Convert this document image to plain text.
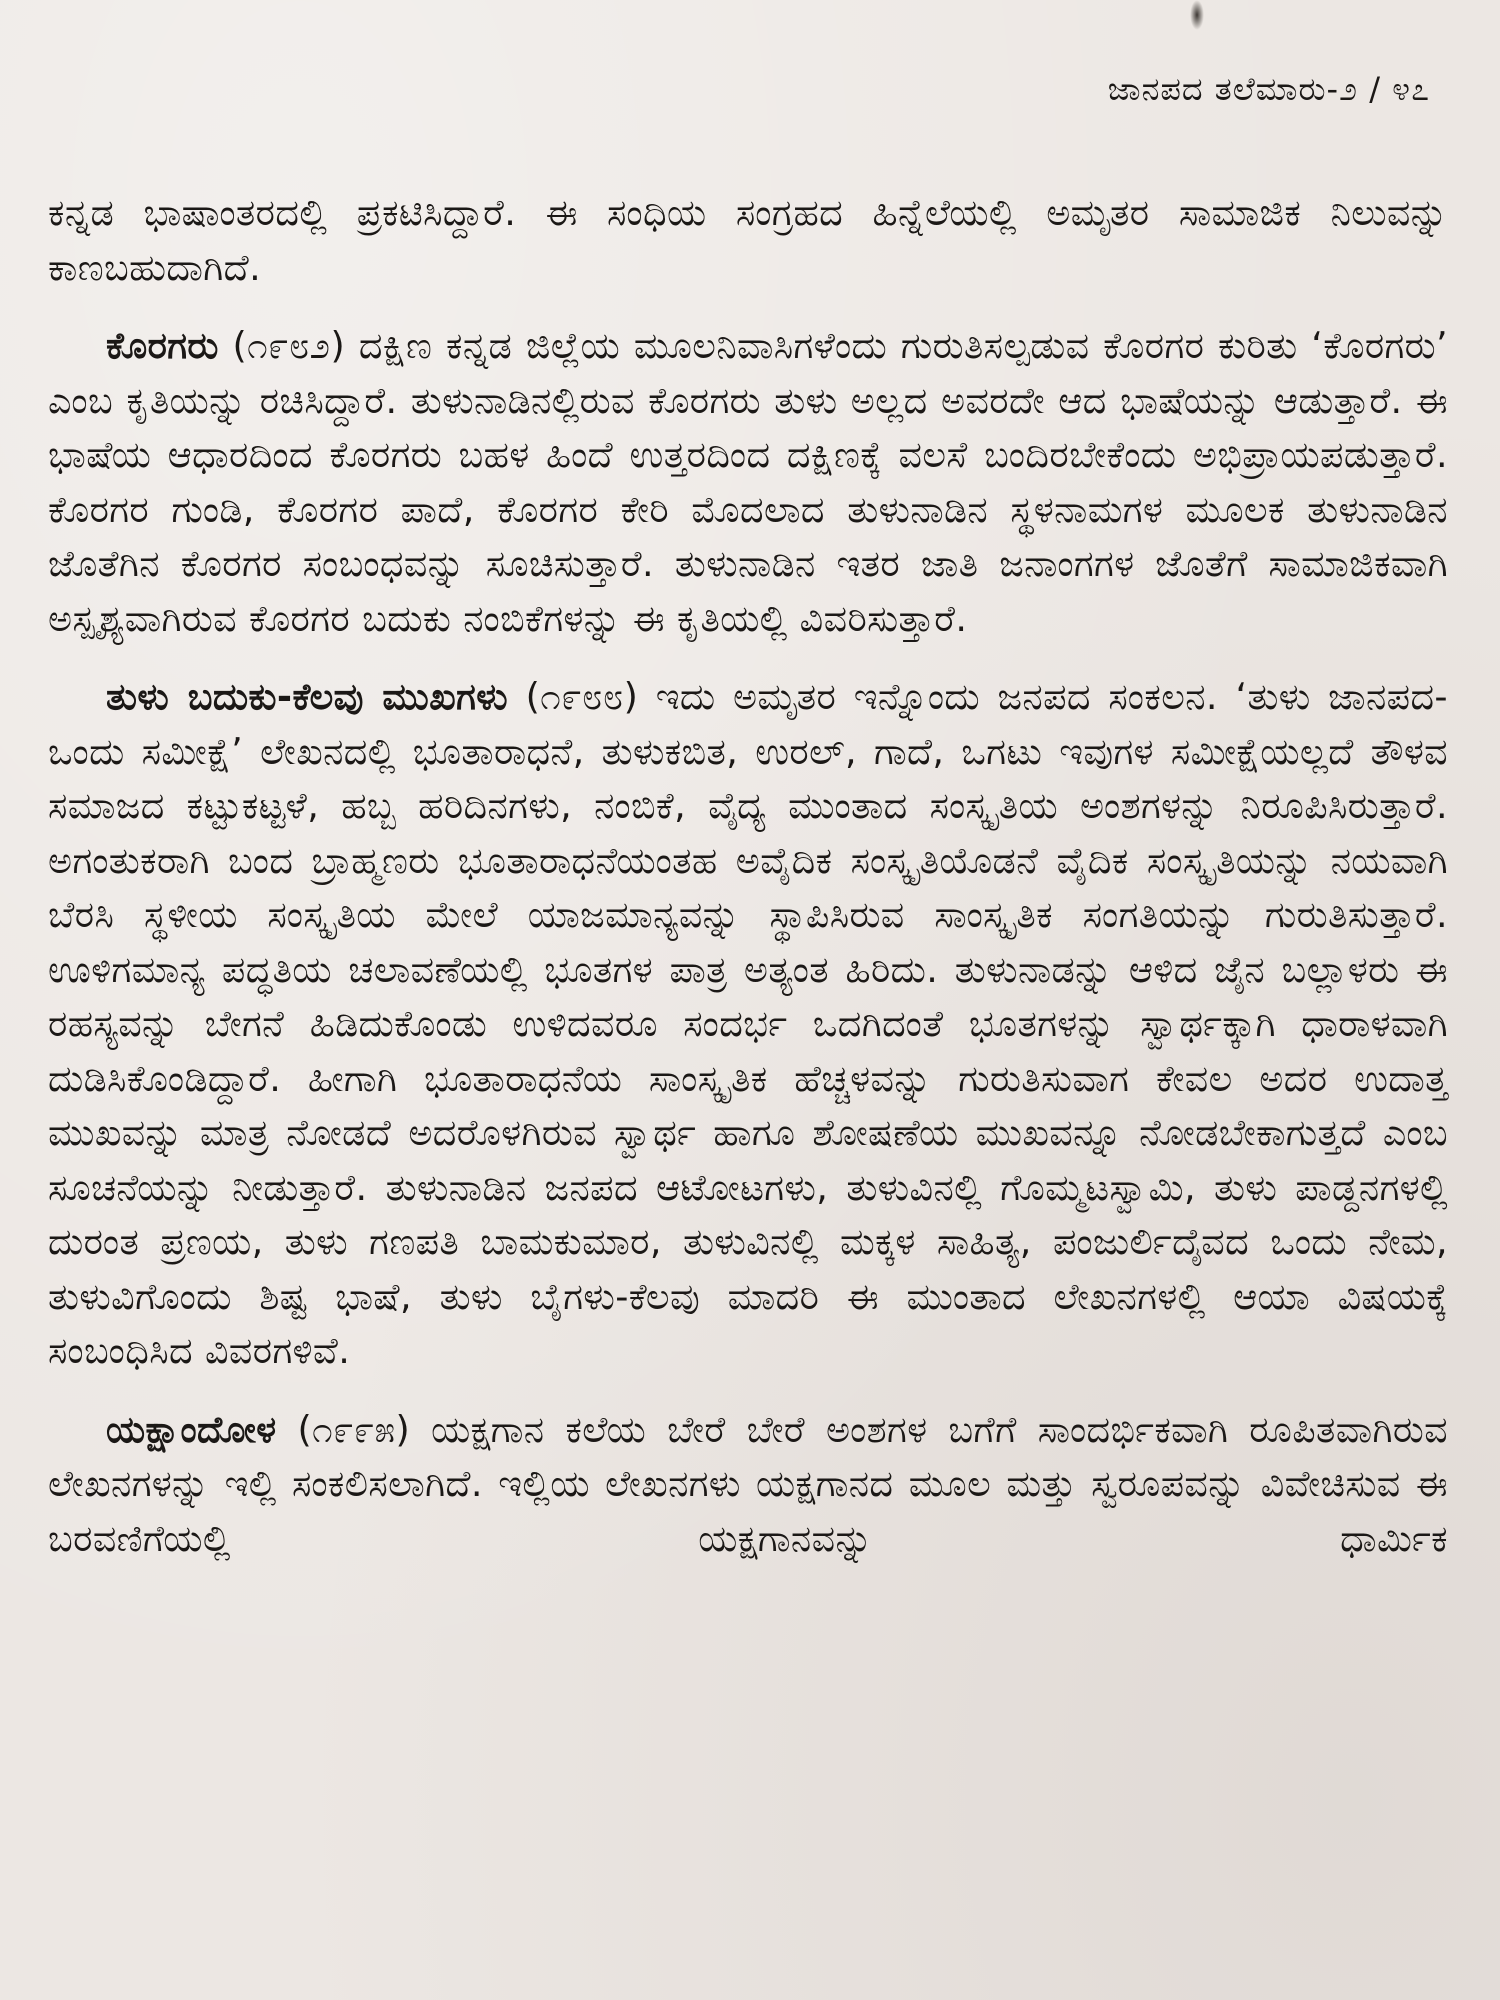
ಜಾನಪದ ತಲೆಮಾರು-೨ / ೪೭

ಕನ್ನಡ ಭಾಷಾಂತರದಲ್ಲಿ ಪ್ರಕಟಿಸಿದ್ದಾರೆ. ಈ ಸಂಧಿಯ ಸಂಗ್ರಹದ ಹಿನ್ನೆಲೆಯಲ್ಲಿ ಅಮೃತರ ಸಾಮಾಜಿಕ ನಿಲುವನ್ನು ಕಾಣಬಹುದಾಗಿದೆ.

ಕೊರಗರು (೧೯೮೨) ದಕ್ಷಿಣ ಕನ್ನಡ ಜಿಲ್ಲೆಯ ಮೂಲನಿವಾಸಿಗಳೆಂದು ಗುರುತಿಸಲ್ಪಡುವ ಕೊರಗರ ಕುರಿತು ‘ಕೊರಗರು’ ಎಂಬ ಕೃತಿಯನ್ನು ರಚಿಸಿದ್ದಾರೆ. ತುಳುನಾಡಿನಲ್ಲಿರುವ ಕೊರಗರು ತುಳು ಅಲ್ಲದ ಅವರದೇ ಆದ ಭಾಷೆಯನ್ನು ಆಡುತ್ತಾರೆ. ಈ ಭಾಷೆಯ ಆಧಾರದಿಂದ ಕೊರಗರು ಬಹಳ ಹಿಂದೆ ಉತ್ತರದಿಂದ ದಕ್ಷಿಣಕ್ಕೆ ವಲಸೆ ಬಂದಿರಬೇಕೆಂದು ಅಭಿಪ್ರಾಯಪಡುತ್ತಾರೆ. ಕೊರಗರ ಗುಂಡಿ, ಕೊರಗರ ಪಾದೆ, ಕೊರಗರ ಕೇರಿ ಮೊದಲಾದ ತುಳುನಾಡಿನ ಸ್ಥಳನಾಮಗಳ ಮೂಲಕ ತುಳುನಾಡಿನ ಜೊತೆಗಿನ ಕೊರಗರ ಸಂಬಂಧವನ್ನು ಸೂಚಿಸುತ್ತಾರೆ. ತುಳುನಾಡಿನ ಇತರ ಜಾತಿ ಜನಾಂಗಗಳ ಜೊತೆಗೆ ಸಾಮಾಜಿಕವಾಗಿ ಅಸ್ಪೃಶ್ಯವಾಗಿರುವ ಕೊರಗರ ಬದುಕು ನಂಬಿಕೆಗಳನ್ನು ಈ ಕೃತಿಯಲ್ಲಿ ವಿವರಿಸುತ್ತಾರೆ.

ತುಳು ಬದುಕು-ಕೆಲವು ಮುಖಗಳು (೧೯೮೮) ಇದು ಅಮೃತರ ಇನ್ನೊಂದು ಜನಪದ ಸಂಕಲನ. ‘ತುಳು ಜಾನಪದ-ಒಂದು ಸಮೀಕ್ಷೆ’ ಲೇಖನದಲ್ಲಿ ಭೂತಾರಾಧನೆ, ತುಳುಕಬಿತ, ಉರಲ್, ಗಾದೆ, ಒಗಟು ಇವುಗಳ ಸಮೀಕ್ಷೆಯಲ್ಲದೆ ತೌಳವ ಸಮಾಜದ ಕಟ್ಟುಕಟ್ಟಳೆ, ಹಬ್ಬ ಹರಿದಿನಗಳು, ನಂಬಿಕೆ, ವೈದ್ಯ ಮುಂತಾದ ಸಂಸ್ಕೃತಿಯ ಅಂಶಗಳನ್ನು ನಿರೂಪಿಸಿರುತ್ತಾರೆ. ಅಗಂತುಕರಾಗಿ ಬಂದ ಬ್ರಾಹ್ಮಣರು ಭೂತಾರಾಧನೆಯಂತಹ ಅವೈದಿಕ ಸಂಸ್ಕೃತಿಯೊಡನೆ ವೈದಿಕ ಸಂಸ್ಕೃತಿಯನ್ನು ನಯವಾಗಿ ಬೆರಸಿ ಸ್ಥಳೀಯ ಸಂಸ್ಕೃತಿಯ ಮೇಲೆ ಯಾಜಮಾನ್ಯವನ್ನು ಸ್ಥಾಪಿಸಿರುವ ಸಾಂಸ್ಕೃತಿಕ ಸಂಗತಿಯನ್ನು ಗುರುತಿಸುತ್ತಾರೆ. ಊಳಿಗಮಾನ್ಯ ಪದ್ಧತಿಯ ಚಲಾವಣೆಯಲ್ಲಿ ಭೂತಗಳ ಪಾತ್ರ ಅತ್ಯಂತ ಹಿರಿದು. ತುಳುನಾಡನ್ನು ಆಳಿದ ಜೈನ ಬಲ್ಲಾಳರು ಈ ರಹಸ್ಯವನ್ನು ಬೇಗನೆ ಹಿಡಿದುಕೊಂಡು ಉಳಿದವರೂ ಸಂದರ್ಭ ಒದಗಿದಂತೆ ಭೂತಗಳನ್ನು ಸ್ವಾರ್ಥಕ್ಕಾಗಿ ಧಾರಾಳವಾಗಿ ದುಡಿಸಿಕೊಂಡಿದ್ದಾರೆ. ಹೀಗಾಗಿ ಭೂತಾರಾಧನೆಯ ಸಾಂಸ್ಕೃತಿಕ ಹೆಚ್ಚಳವನ್ನು ಗುರುತಿಸುವಾಗ ಕೇವಲ ಅದರ ಉದಾತ್ತ ಮುಖವನ್ನು ಮಾತ್ರ ನೋಡದೆ ಅದರೊಳಗಿರುವ ಸ್ವಾರ್ಥ ಹಾಗೂ ಶೋಷಣೆಯ ಮುಖವನ್ನೂ ನೋಡಬೇಕಾಗುತ್ತದೆ ಎಂಬ ಸೂಚನೆಯನ್ನು ನೀಡುತ್ತಾರೆ. ತುಳುನಾಡಿನ ಜನಪದ ಆಟೋಟಗಳು, ತುಳುವಿನಲ್ಲಿ ಗೊಮ್ಮಟಸ್ವಾಮಿ, ತುಳು ಪಾಡ್ದನಗಳಲ್ಲಿ ದುರಂತ ಪ್ರಣಯ, ತುಳು ಗಣಪತಿ ಬಾಮಕುಮಾರ, ತುಳುವಿನಲ್ಲಿ ಮಕ್ಕಳ ಸಾಹಿತ್ಯ, ಪಂಜುರ್ಲಿದೈವದ ಒಂದು ನೇಮ, ತುಳುವಿಗೊಂದು ಶಿಷ್ಟ ಭಾಷೆ, ತುಳು ಬೈಗಳು-ಕೆಲವು ಮಾದರಿ ಈ ಮುಂತಾದ ಲೇಖನಗಳಲ್ಲಿ ಆಯಾ ವಿಷಯಕ್ಕೆ ಸಂಬಂಧಿಸಿದ ವಿವರಗಳಿವೆ.

ಯಕ್ಷಾಂದೋಳ (೧೯೯೫) ಯಕ್ಷಗಾನ ಕಲೆಯ ಬೇರೆ ಬೇರೆ ಅಂಶಗಳ ಬಗೆಗೆ ಸಾಂದರ್ಭಿಕವಾಗಿ ರೂಪಿತವಾಗಿರುವ ಲೇಖನಗಳನ್ನು ಇಲ್ಲಿ ಸಂಕಲಿಸಲಾಗಿದೆ. ಇಲ್ಲಿಯ ಲೇಖನಗಳು ಯಕ್ಷಗಾನದ ಮೂಲ ಮತ್ತು ಸ್ವರೂಪವನ್ನು ವಿವೇಚಿಸುವ ಈ ಬರವಣಿಗೆಯಲ್ಲಿ ಯಕ್ಷಗಾನವನ್ನು ಧಾರ್ಮಿಕ
